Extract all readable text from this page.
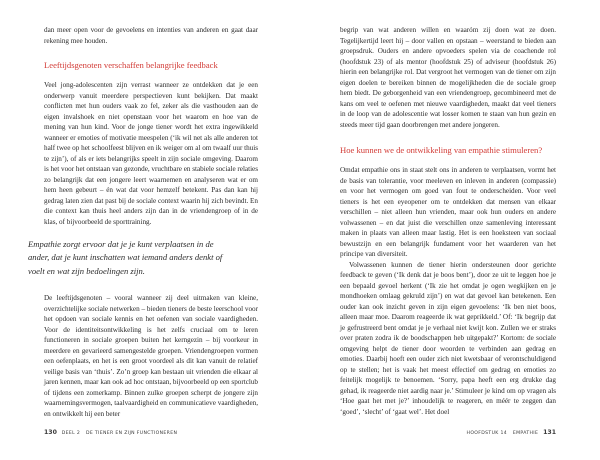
dan meer open voor de gevoelens en intenties van anderen en gaat daar rekening mee houden.

Leeftijdsgenoten verschaffen belangrijke feedback

Veel jong-adolescenten zijn verrast wanneer ze ontdekken dat je een onderwerp vanuit meerdere perspectieven kunt bekijken. Dat maakt conflicten met hun ouders vaak zo fel, zeker als die vasthouden aan de eigen invalshoek en niet openstaan voor het waarom en hoe van de mening van hun kind. Voor de jonge tiener wordt het extra ingewikkeld wanneer er emoties of motivatie meespelen (‘ik wil net als alle anderen tot half twee op het schoolfeest blijven en ik weiger om al om twaalf uur thuis te zijn’), of als er iets belangrijks speelt in zijn sociale omgeving. Daarom is het voor het ontstaan van gezonde, vruchtbare en stabiele sociale relaties zo belangrijk dat een jongere leert waarnemen en analyseren wat er om hem heen gebeurt – én wat dat voor hemzelf betekent. Pas dan kan hij gedrag laten zien dat past bij de sociale context waarin hij zich bevindt. En die context kan thuis heel anders zijn dan in de vriendengroep of in de klas, of bijvoorbeeld de sporttraining.

Empathie zorgt ervoor dat je je kunt verplaatsen in de ander, dat je kunt inschatten wat iemand anders denkt of voelt en wat zijn bedoelingen zijn.

De leeftijdsgenoten – vooral wanneer zij deel uitmaken van kleine, overzichtelijke sociale netwerken – bieden tieners de beste leerschool voor het opdoen van sociale kennis en het oefenen van sociale vaardigheden. Voor de identiteitsontwikkeling is het zelfs cruciaal om te leren functioneren in sociale groepen buiten het kerngezin – bij voorkeur in meerdere en gevarieerd samengestelde groepen. Vriendengroepen vormen een oefenplaats, en het is een groot voordeel als dit kan vanuit de relatief veilige basis van ‘thuis’. Zo’n groep kan bestaan uit vrienden die elkaar al jaren kennen, maar kan ook ad hoc ontstaan, bijvoorbeeld op een sportclub of tijdens een zomerkamp. Binnen zulke groepen scherpt de jongere zijn waarnemingsvermogen, taalvaardigheid en communicatieve vaardigheden, en ontwikkelt hij een beter

130 DEEL 2 DE TIENER EN ZIJN FUNCTIONEREN

begrip van wat anderen willen en waaróm zij doen wat ze doen. Tegelijkertijd leert hij – door vallen en opstaan – weerstand te bieden aan groepsdruk. Ouders en andere opvoeders spelen via de coachende rol (hoofdstuk 23) of als mentor (hoofdstuk 25) of adviseur (hoofdstuk 26) hierin een belangrijke rol. Dat vergroot het vermogen van de tiener om zijn eigen doelen te bereiken binnen de mogelijkheden die de sociale groep hem biedt. De geborgenheid van een vriendengroep, gecombineerd met de kans om veel te oefenen met nieuwe vaardigheden, maakt dat veel tieners in de loop van de adolescentie wat losser komen te staan van hun gezin en steeds meer tijd gaan doorbrengen met andere jongeren.

Hoe kunnen we de ontwikkeling van empathie stimuleren?

Omdat empathie ons in staat stelt ons in anderen te verplaatsen, vormt het de basis van tolerantie, voor meeleven en inleven in anderen (compassie) en voor het vermogen om goed van fout te onderscheiden. Voor veel tieners is het een eyeopener om te ontdekken dat mensen van elkaar verschillen – niet alleen hun vrienden, maar ook hun ouders en andere volwassenen – en dat juist die verschillen onze samenleving interessant maken in plaats van alleen maar lastig. Het is een hoeksteen van sociaal bewustzijn en een belangrijk fundament voor het waarderen van het principe van diversiteit.

Volwassenen kunnen de tiener hierin ondersteunen door gerichte feedback te geven (‘Ik denk dat je boos bent’), door ze uit te leggen hoe je een bepaald gevoel herkent (‘Ik zie het omdat je ogen wegkijken en je mondhoeken omlaag gekruld zijn’) en wat dat gevoel kan betekenen. Een ouder kan ook inzicht geven in zijn eigen gevoelens: ‘Ik ben niet boos, alleen maar moe. Daarom reageerde ik wat geprikkeld.’ Of: ‘Ik begrijp dat je gefrustreerd bent omdat je je verhaal niet kwijt kon. Zullen we er straks over praten zodra ik de boodschappen heb uitgepakt?’ Kortom: de sociale omgeving helpt de tiener door woorden te verbinden aan gedrag en emoties. Daarbij hoeft een ouder zich niet kwetsbaar of verontschuldigend op te stellen; het is vaak het meest effectief om gedrag en emoties zo feitelijk mogelijk te benoemen. ‘Sorry, papa heeft een erg drukke dag gehad, ik reageerde niet aardig naar je.’ Stimuleer je kind om op vragen als ‘Hoe gaat het met je?’ inhoudelijk te reageren, en méér te zeggen dan ‘goed’, ‘slecht’ of ‘gaat wel’. Het doel

HOOFDSTUK 14 EMPATHIE 131
